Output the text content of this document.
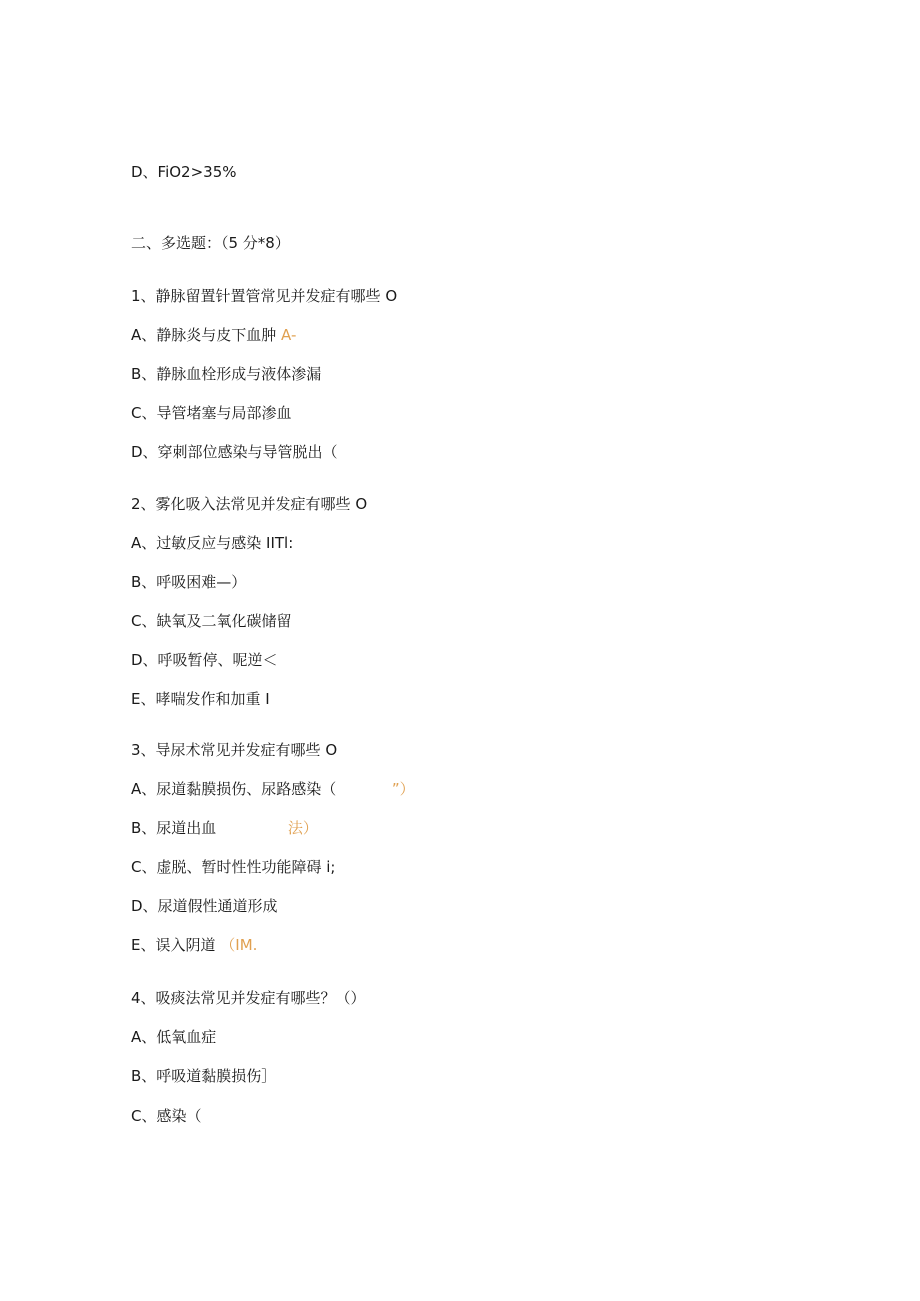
D、FiO2>35%
二、多选题：（5 分*8）
1、静脉留置针置管常见并发症有哪些 O
A、静脉炎与皮下血肿 A-
B、静脉血栓形成与液体渗漏
C、导管堵塞与局部渗血
D、穿刺部位感染与导管脱出（
2、雾化吸入法常见并发症有哪些 O
A、过敏反应与感染 IITl:
B、呼吸困难—）
C、缺氧及二氧化碳储留
D、呼吸暂停、呢逆＜
E、哮喘发作和加重 I
3、导尿术常见并发症有哪些 O
A、尿道黏膜损伤、尿路感染（	”）
B、尿道出血	法）
C、虚脱、暂时性性功能障碍 i;
D、尿道假性通道形成
E、误入阴道 （IM.
4、吸痰法常见并发症有哪些？（）
A、低氧血症
B、呼吸道黏膜损伤］
C、感染（
